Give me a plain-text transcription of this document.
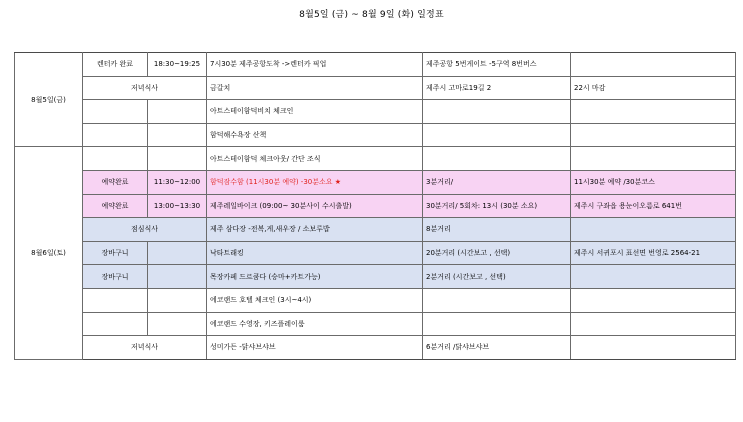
8월5일 (금) ~ 8월 9일 (화) 일정표
8월5일(금)	렌터카 완료	18:30~19:25	7시30분 제주공항도착 ->렌터카 픽업	제주공항 5번게이트 -5구역 8번버스	
	저녁식사		금갈치	제주시 고마로19길 2	22시 마감
			아트스테이함덕비치 체크인		
			함덕해수욕장 산책		
8월6일(토)			아트스테이함덕 체크아웃/ 간단 조식		
	예약완료	11:30~12:00	함덕잠수함 (11시30분 예약) -30분소요 ★	3분거리/	11시30분 예약 /30분코스
	예약완료	13:00~13:30	제주레일바이크 (09:00~ 30분사이 수시출발)	30분거리/ 5회차: 13시 (30분 소요)	제주시 구좌읍 용눈이오름로 641번
	점심식사		제주 삼다장 -전복,게,새우장 / 소보루밥	8분거리	
	장바구니		낙타트래킹	20분거리 (시간보고 , 선택)	제주시 서귀포시 표선면 번영로 2564-21
	장바구니		목장카페 드르쿰다 (승마+카트가능)	2분거리 (시간보고 , 선택)	
			에코랜드 호텔 체크인 (3시~4시)		
			에코랜드 수영장, 키즈플레이룸		
	저녁식사		성미가든 -닭샤브샤브	6분거리 /닭샤브샤브	
